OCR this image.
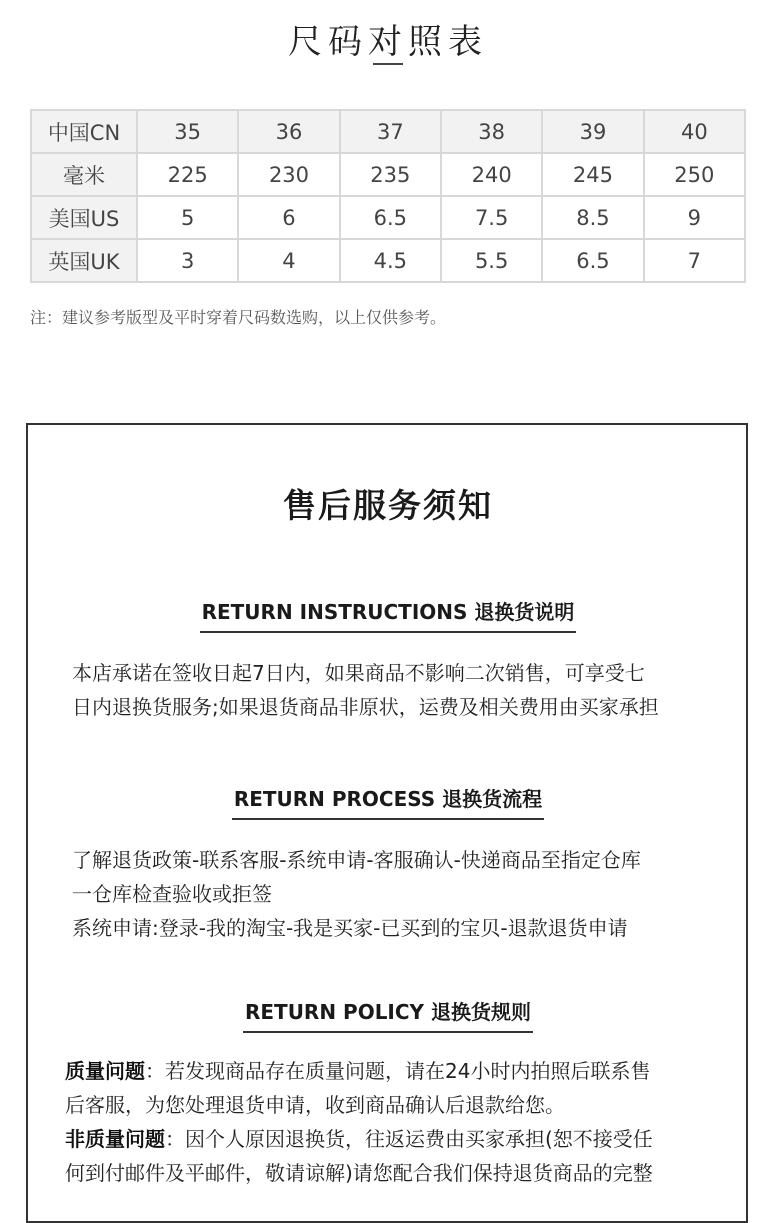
尺码对照表
中国CN	35	36	37	38	39	40
毫米	225	230	235	240	245	250
美国US	5	6	6.5	7.5	8.5	9
英国UK	3	4	4.5	5.5	6.5	7
注：建议参考版型及平时穿着尺码数选购，以上仅供参考。
售后服务须知
RETURN INSTRUCTIONS 退换货说明

本店承诺在签收日起7日内，如果商品不影响二次销售，可享受七

日内退换货服务;如果退货商品非原状，运费及相关费用由买家承担

RETURN PROCESS 退换货流程

了解退货政策-联系客服-系统申请-客服确认-快递商品至指定仓库

一仓库检查验收或拒签

系统申请:登录-我的淘宝-我是买家-已买到的宝贝-退款退货申请

RETURN POLICY 退换货规则

质量问题：若发现商品存在质量问题，请在24小时内拍照后联系售

后客服，为您处理退货申请，收到商品确认后退款给您。

非质量问题：因个人原因退换货，往返运费由买家承担(恕不接受任

何到付邮件及平邮件，敬请谅解)请您配合我们保持退货商品的完整
